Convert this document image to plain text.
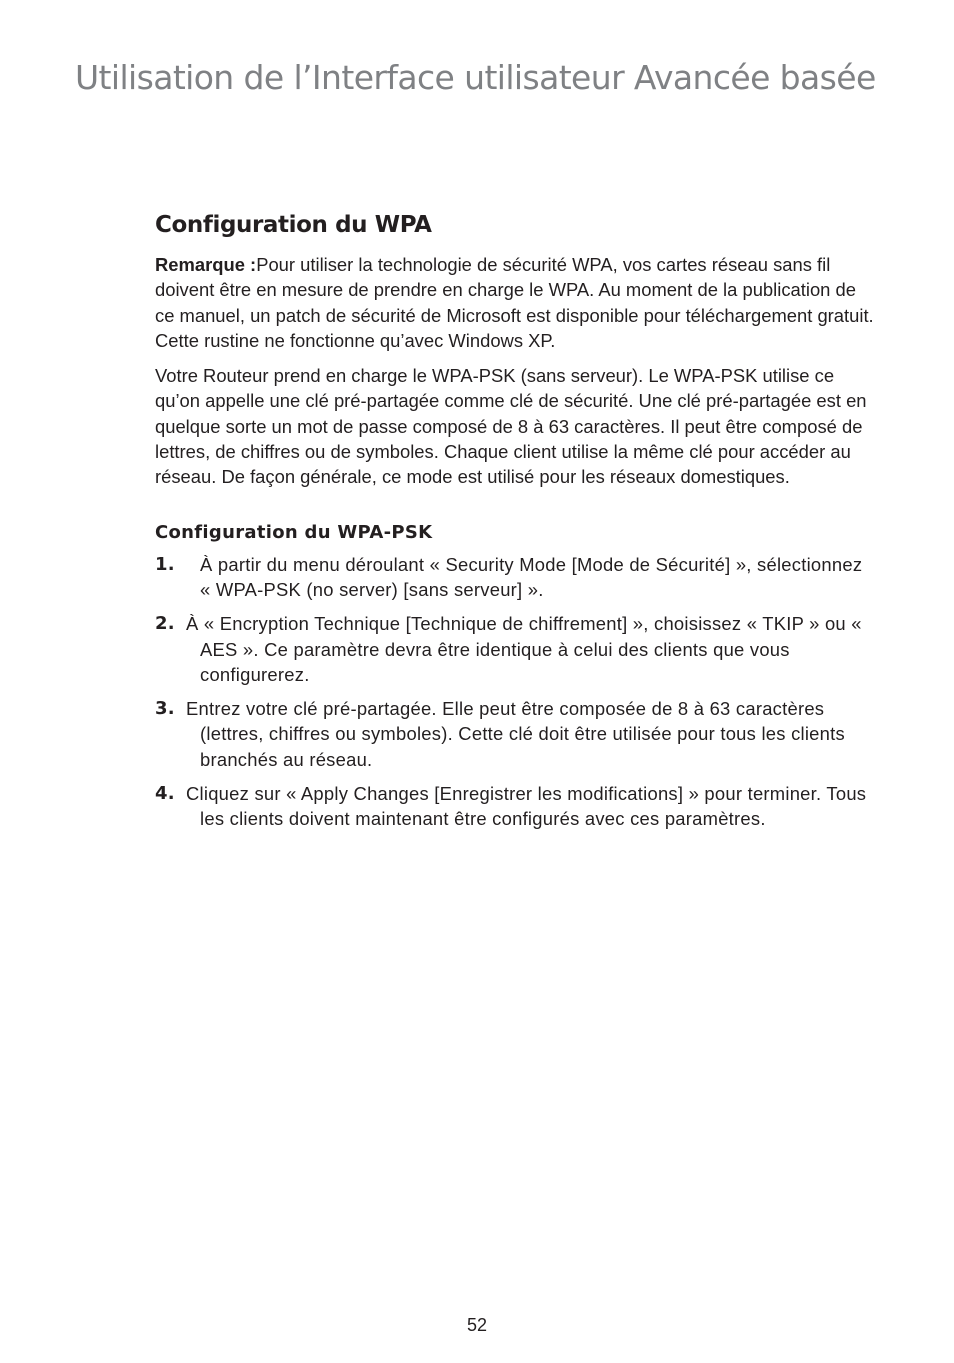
Utilisation de l’Interface utilisateur Avancée basée
Configuration du WPA

Remarque :Pour utiliser la technologie de sécurité WPA, vos cartes réseau sans fil doivent être en mesure de prendre en charge le WPA. Au moment de la publication de ce manuel, un patch de sécurité de Microsoft est disponible pour téléchargement gratuit. Cette rustine ne fonctionne qu’avec Windows XP.

Votre Routeur prend en charge le WPA-PSK (sans serveur). Le WPA-PSK utilise ce qu’on appelle une clé pré-partagée comme clé de sécurité. Une clé pré-partagée est en quelque sorte un mot de passe composé de 8 à 63 caractères. Il peut être composé de lettres, de chiffres ou de symboles. Chaque client utilise la même clé pour accéder au réseau. De façon générale, ce mode est utilisé pour les réseaux domestiques.

Configuration du WPA-PSK
1. À partir du menu déroulant « Security Mode [Mode de Sécurité] », sélectionnez « WPA-PSK (no server) [sans serveur] ».
2. À « Encryption Technique [Technique de chiffrement] », choisissez « TKIP » ou « AES ». Ce paramètre devra être identique à celui des clients que vous configurerez.
3. Entrez votre clé pré-partagée. Elle peut être composée de 8 à 63 caractères (lettres, chiffres ou symboles). Cette clé doit être utilisée pour tous les clients branchés au réseau.
4. Cliquez sur « Apply Changes [Enregistrer les modifications] » pour terminer. Tous les clients doivent maintenant être configurés avec ces paramètres.
52
